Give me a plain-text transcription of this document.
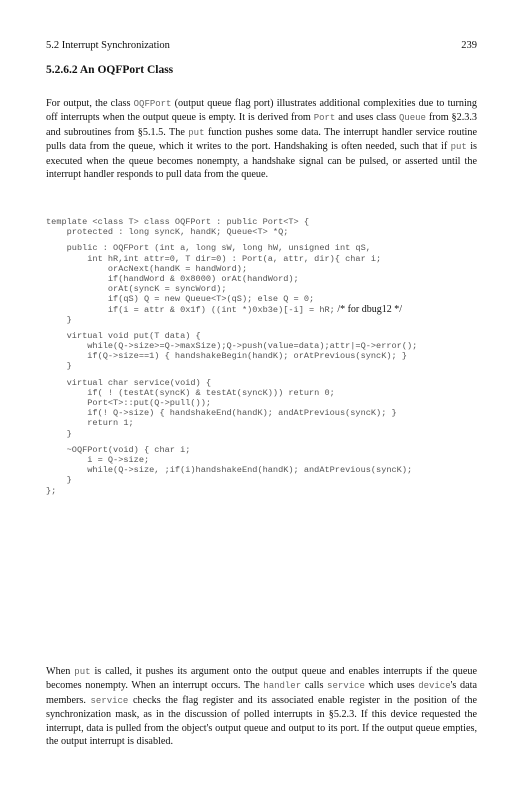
5.2 Interrupt Synchronization	239
5.2.6.2 An OQFPort Class
For output, the class OQFPort (output queue flag port) illustrates additional complexities due to turning off interrupts when the output queue is empty. It is derived from Port and uses class Queue from §2.3.3 and subroutines from §5.1.5. The put function pushes some data. The interrupt handler service routine pulls data from the queue, which it writes to the port. Handshaking is often needed, such that if put is executed when the queue becomes nonempty, a handshake signal can be pulsed, or asserted until the interrupt handler responds to pull data from the queue.
template <class T> class OQFPort : public Port<T> {
protected : long syncK, handK; Queue<T> *Q;
public : OQFPort (int a, long sW, long hW, unsigned int qS,
int hR,int attr=0, T dir=0) : Port(a, attr, dir){ char i;
orAcNext(handK = handWord);
if(handWord & 0x8000) orAt(handWord);
orAt(syncK = syncWord);
if(qS) Q = new Queue<T>(qS); else Q = 0;
if(i = attr & 0x1f) ((int *)0xb3e)[-i] = hR; /* for dbug12 */
}
virtual void put(T data) {
while(Q->size>=Q->maxSize);Q->push(value=data);attr|=Q->error();
if(Q->size==1) { handshakeBegin(handK); orAtPrevious(syncK); }
}
virtual char service(void) {
if( ! (testAt(syncK) & testAt(syncK))) return 0;
Port<T>::put(Q->pull());
if(! Q->size) { handshakeEnd(handK); andAtPrevious(syncK); }
return 1;
}
~OQFPort(void) { char i;
i = Q->size;
while(Q->size, ;if(i)handshakeEnd(handK); andAtPrevious(syncK);
}
};
When put is called, it pushes its argument onto the output queue and enables interrupts if the queue becomes nonempty. When an interrupt occurs. The handler calls service which uses device's data members. service checks the flag register and its associated enable register in the position of the synchronization mask, as in the discussion of polled interrupts in §5.2.3. If this device requested the interrupt, data is pulled from the object's output queue and output to its port. If the output queue empties, the output interrupt is disabled.
